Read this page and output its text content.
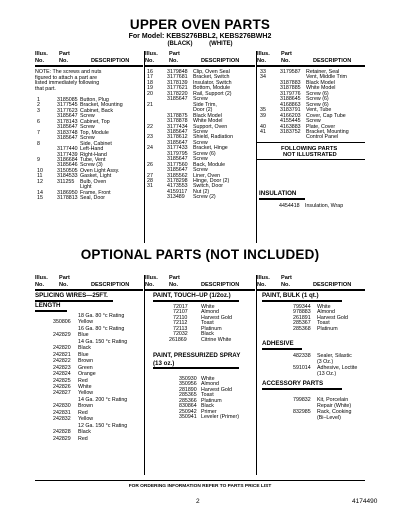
UPPER OVEN PARTS
For Model: KEBS276BBL2, KEBS276BWH2
(BLACK)          (WHITE)
Illus. Part
No.	No.	DESCRIPTION
Illus. Part
No.	No.	DESCRIPTION
Illus. Part
No.	No.	DESCRIPTION
NOTE: The screws and nuts
figured to attach a part are
listed immediately following
that part.
1	3185085 Button, Plug
2	3177545 Bracket, Mounting
3	3177623 Cabinet, Back
3185647 Screw
6	3178143 Cabinet, Top
3185647 Screw
7	3183748 Top, Module
3185647 Screw
8	Side, Cabinet
3177440 Left-Hand
3177439 Right-Hand
9	3186684 Tube, Vent
3185646 Screw (3)
10	3150505 Oven Light Assy.
11	3184533 Gasket, Light
12	311255 Bulb, Oven
Light
14	3186950 Frame, Front
15	3178813 Seal, Door
16	3179848 Clip, Oven Seal
17	3177681 Bracket, Switch
18	3178139 Insulator, Switch
19	3177621 Bottom, Module
20	3178220 Rail, Support (2)
3185647 Screw
21	Side Trim,
Door (2)
3178875 Black Model
3178878 White Model
22	3177434 Support, Oven
3185647 Screw
23	3178612 Shield, Radiation
3185647 Screw
24	3177433 Bracket, Hinge
3179795 Screw (6)
3185647 Screw
26	3177560 Back, Module
3185647 Screw
27	3185562 Liner, Oven
28	3178298 Hinge, Door (2)
31	4173553 Switch, Door
4159117 Nut (2)
313489 Screw (2)
33	3179587 Retainer, Seal
34	Vent, Middle Trim
3187883 Black Model
3187885 White Model
3179776 Screw (6)
3188645 Screw (6)
4168863 Screw (6)
35	3183791 Vent, Tube
39	4166203 Cover, Cap Tube
4155445 Screw
40	4163883 Plate, Cover
41	3183752 Bracket, Mounting
Control Panel
FOLLOWING PARTS
NOT ILLUSTRATED
INSULATION
4454418 Insulation, Wrap
OPTIONAL PARTS (NOT INCLUDED)
Illus. Part
No.	No.	DESCRIPTION
Illus. Part
No.	No.	DESCRIPTION
Illus. Part
No.	No.	DESCRIPTION
SPLICING WIRES—25FT.
LENGTH
18 Ga. 80 °c Rating
350806 Yellow
16 Ga. 80 °c Rating
242829 Blue
14 Ga. 150 °c Rating
242820 Black
242821 Blue
242822 Brown
242823 Green
242824 Orange
242825 Red
242826 White
242827 Yellow
14 Ga. 200 °c Rating
242830 Brown
242831 Red
242832 Yellow
12 Ga. 150 °c Rating
242828 Black
242829 Red
PAINT, TOUCH–UP (1/2oz.)
72017	White
72107	Almond
72110	Harvest Gold
72112	Toast
72113	Platinum
72032	Black
261869	Citrine White
PAINT, PRESSURIZED SPRAY
(13 oz.)
350930 White
350956 Almond
281890 Harvest Gold
285365 Toast
285366 Platinum
830864 Black
250942 Primer
350941 Leveler (Primer)
PAINT, BULK (1 qt.)
799344 White
978883 Almond
261891 Harvest Gold
285367 Toast
285368 Platinum
ADHESIVE
482338 Sealer, Silastic
(3 Oz.)
591014 Adhesive, Loctite
(13 Oz.)
ACCESSORY PARTS
799832 Kit, Porcelain
Repair (White)
832985 Rack, Cooking
(Bi–Level)
FOR ORDERING INFORMATION REFER TO PARTS PRICE LIST
2	4174490
